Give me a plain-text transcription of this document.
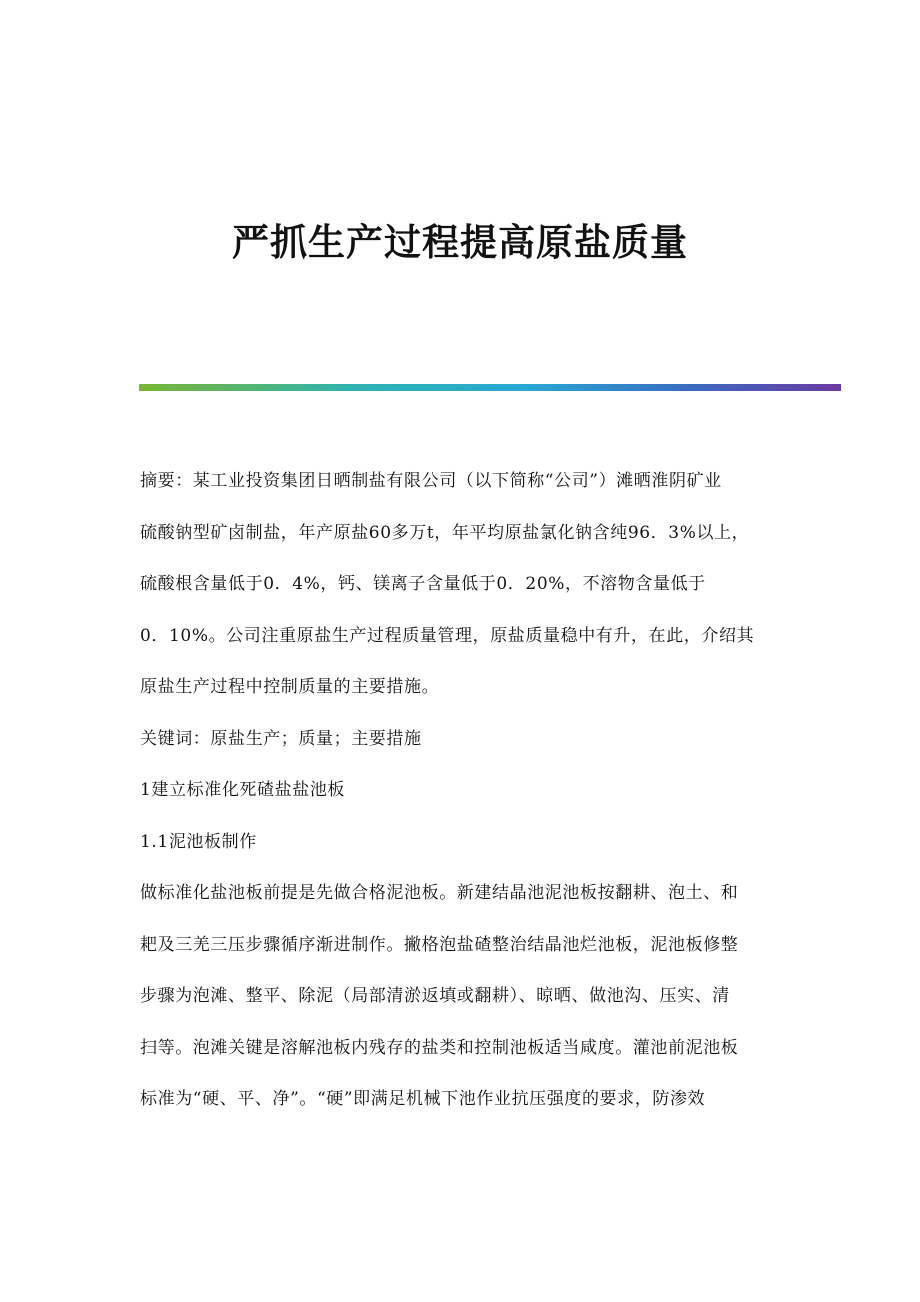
严抓生产过程提高原盐质量

摘要：某工业投资集团日晒制盐有限公司（以下简称“公司”）滩晒淮阴矿业

硫酸钠型矿卤制盐，年产原盐60多万t，年平均原盐氯化钠含纯96．3%以上，

硫酸根含量低于0．4%，钙、镁离子含量低于0．20%，不溶物含量低于

0．10%。公司注重原盐生产过程质量管理，原盐质量稳中有升，在此，介绍其

原盐生产过程中控制质量的主要措施。

关键词：原盐生产；质量；主要措施

1建立标准化死碴盐盐池板

1.1泥池板制作

做标准化盐池板前提是先做合格泥池板。新建结晶池泥池板按翻耕、泡土、和

耙及三羌三压步骤循序渐进制作。撇格泡盐碴整治结晶池烂池板，泥池板修整

步骤为泡滩、整平、除泥（局部清淤返填或翻耕）、晾晒、做池沟、压实、清

扫等。泡滩关键是溶解池板内残存的盐类和控制池板适当咸度。灌池前泥池板

标准为“硬、平、净”。“硬”即满足机械下池作业抗压强度的要求，防渗效
